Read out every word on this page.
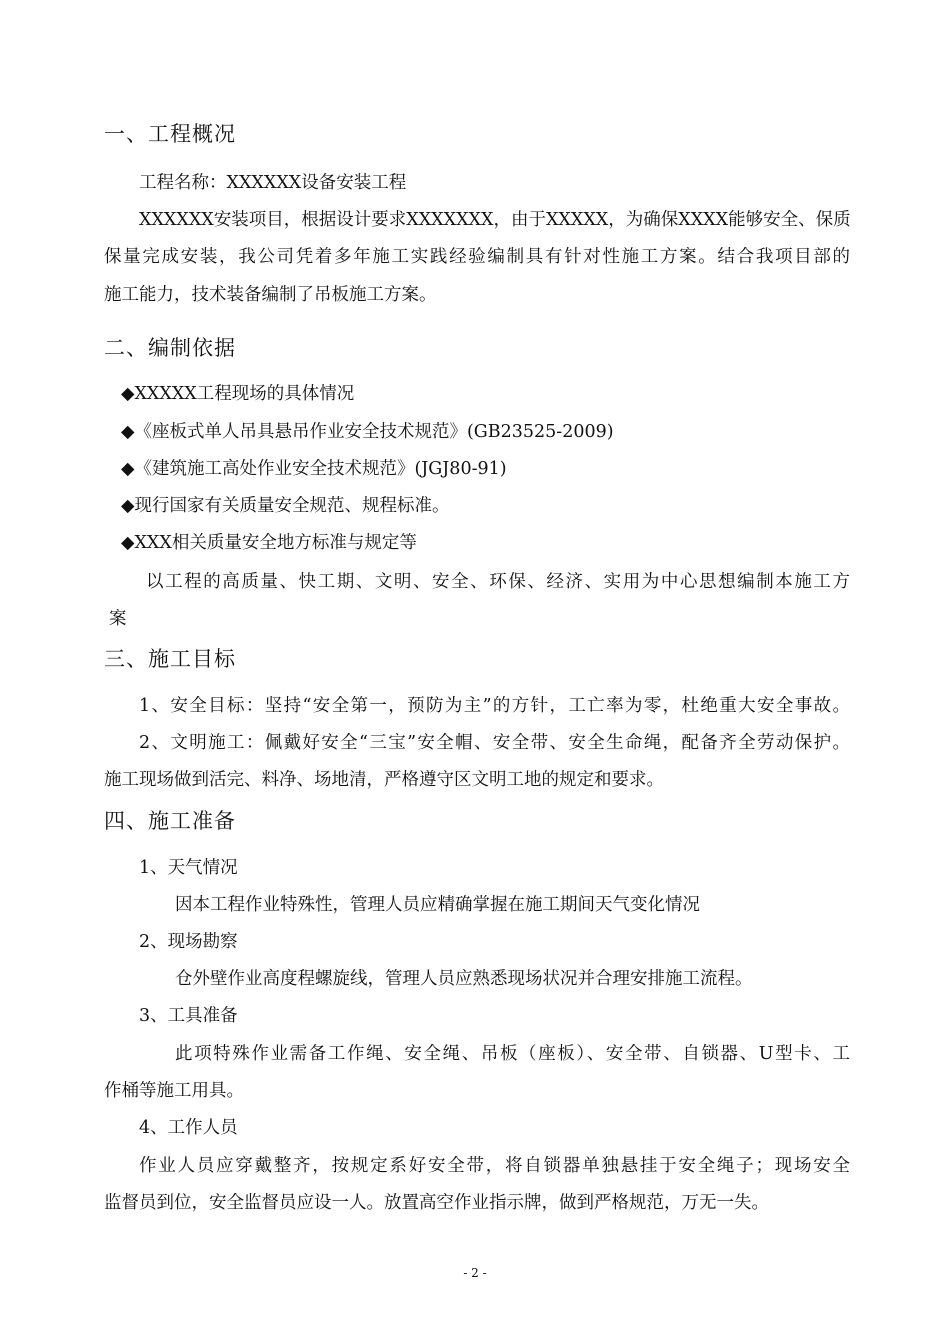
一、工程概况
工程名称：XXXXXX设备安装工程
XXXXXX安装项目，根据设计要求XXXXXXX，由于XXXXX，为确保XXXX能够安全、保质
保量完成安装，我公司凭着多年施工实践经验编制具有针对性施工方案。结合我项目部的
施工能力，技术装备编制了吊板施工方案。
二、编制依据
◆XXXXX工程现场的具体情况
◆《座板式单人吊具悬吊作业安全技术规范》(GB23525-2009)
◆《建筑施工高处作业安全技术规范》(JGJ80-91)
◆现行国家有关质量安全规范、规程标准。
◆XXX相关质量安全地方标准与规定等
以工程的高质量、快工期、文明、安全、环保、经济、实用为中心思想编制本施工方
案
三、施工目标
1、安全目标：坚持“安全第一，预防为主”的方针，工亡率为零，杜绝重大安全事故。
2、文明施工：佩戴好安全“三宝”安全帽、安全带、安全生命绳，配备齐全劳动保护。
施工现场做到活完、料净、场地清，严格遵守区文明工地的规定和要求。
四、施工准备
1、天气情况
因本工程作业特殊性，管理人员应精确掌握在施工期间天气变化情况
2、现场勘察
仓外壁作业高度程螺旋线，管理人员应熟悉现场状况并合理安排施工流程。
3、工具准备
此项特殊作业需备工作绳、安全绳、吊板（座板）、安全带、自锁器、U型卡、工
作桶等施工用具。
4、工作人员
作业人员应穿戴整齐，按规定系好安全带，将自锁器单独悬挂于安全绳子；现场安全
监督员到位，安全监督员应设一人。放置高空作业指示牌，做到严格规范，万无一失。
- 2 -
